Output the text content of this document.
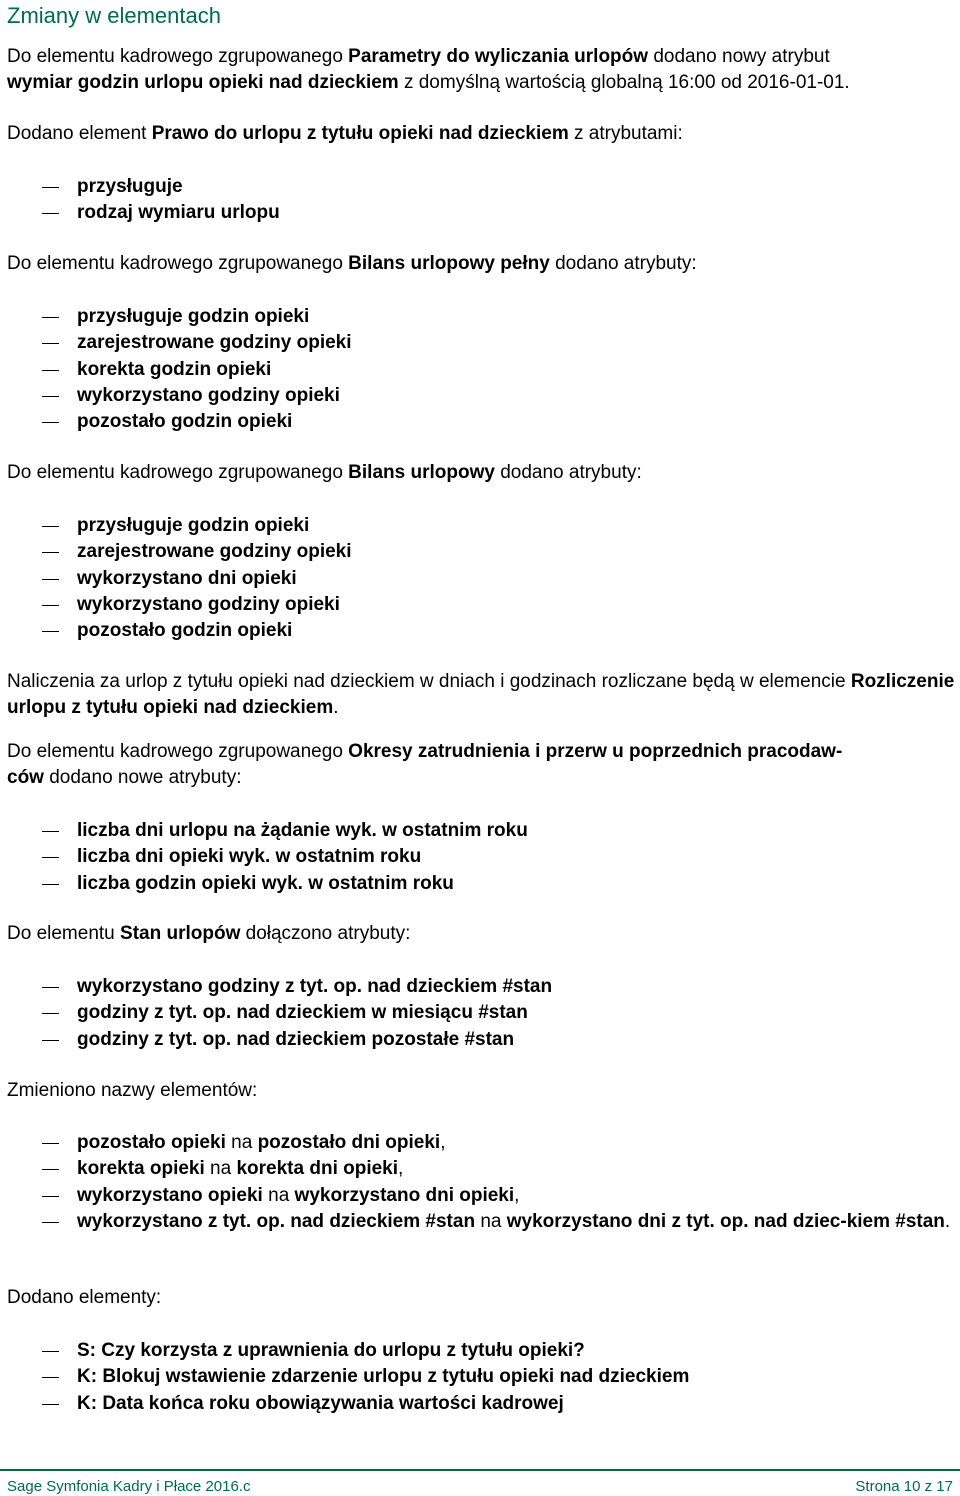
Zmiany w elementach

Do elementu kadrowego zgrupowanego Parametry do wyliczania urlopów dodano nowy atrybut
wymiar godzin urlopu opieki nad dzieckiem z domyślną wartością globalną 16:00 od 2016-01-01.

Dodano element Prawo do urlopu z tytułu opieki nad dzieckiem z atrybutami:

przysługuje
rodzaj wymiaru urlopu

Do elementu kadrowego zgrupowanego Bilans urlopowy pełny dodano atrybuty:

przysługuje godzin opieki
zarejestrowane godziny opieki
korekta godzin opieki
wykorzystano godziny opieki
pozostało godzin opieki

Do elementu kadrowego zgrupowanego Bilans urlopowy dodano atrybuty:

przysługuje godzin opieki
zarejestrowane godziny opieki
wykorzystano dni opieki
wykorzystano godziny opieki
pozostało godzin opieki

Naliczenia za urlop z tytułu opieki nad dzieckiem w dniach i godzinach rozliczane będą w elemencie Rozliczenie urlopu z tytułu opieki nad dzieckiem.

Do elementu kadrowego zgrupowanego Okresy zatrudnienia i przerw u poprzednich pracodaw-
ców dodano nowe atrybuty:

liczba dni urlopu na żądanie wyk. w ostatnim roku
liczba dni opieki wyk. w ostatnim roku
liczba godzin opieki wyk. w ostatnim roku

Do elementu Stan urlopów dołączono atrybuty:

wykorzystano godziny z tyt. op. nad dzieckiem #stan
godziny z tyt. op. nad dzieckiem w miesiącu #stan
godziny z tyt. op. nad dzieckiem pozostałe #stan

Zmieniono nazwy elementów:

pozostało opieki na pozostało dni opieki,
korekta opieki na korekta dni opieki,
wykorzystano opieki na wykorzystano dni opieki,
wykorzystano z tyt. op. nad dzieckiem #stan na wykorzystano dni z tyt. op. nad dziec-kiem #stan.

Dodano elementy:

S: Czy korzysta z uprawnienia do urlopu z tytułu opieki?
K: Blokuj wstawienie zdarzenie urlopu z tytułu opieki nad dzieckiem
K: Data końca roku obowiązywania wartości kadrowej
Sage Symfonia Kadry i Płace 2016.c	Strona 10 z 17
